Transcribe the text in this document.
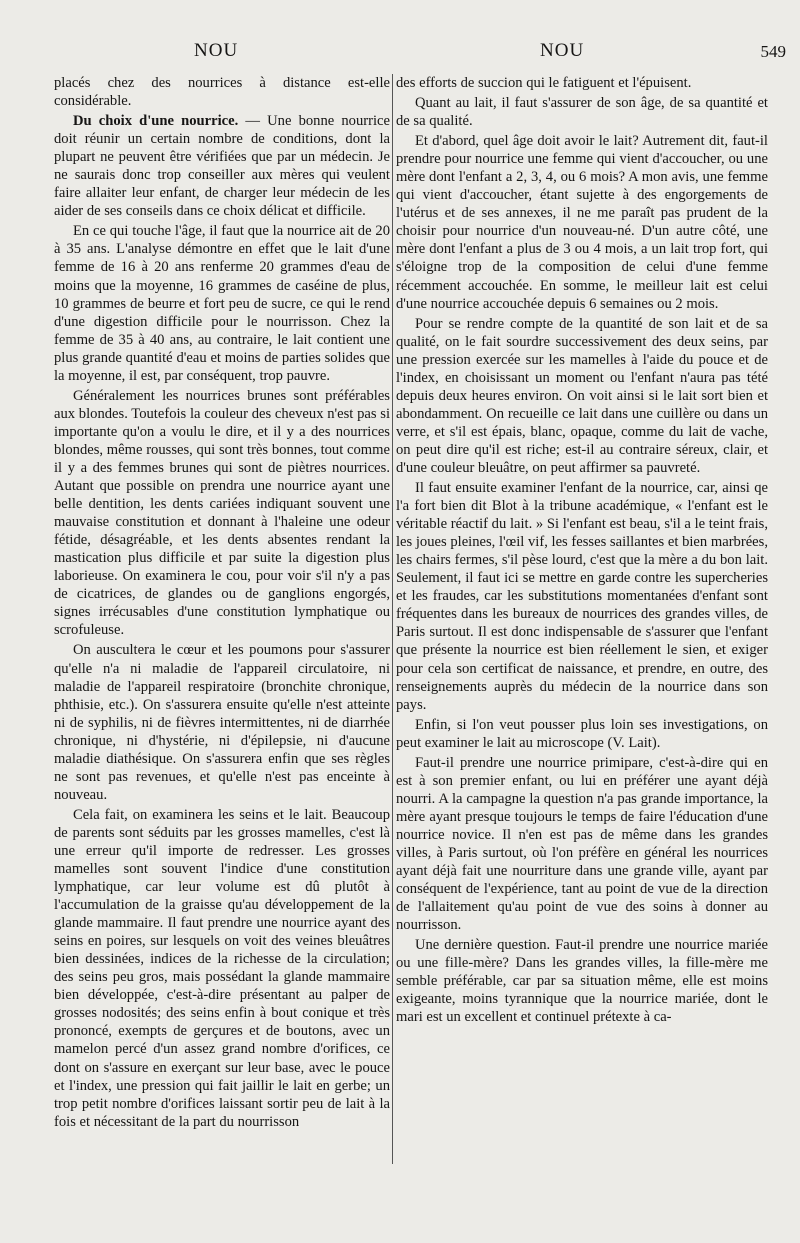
NOU	NOU	549

placés chez des nourrices à distance est-elle considérable.

Du choix d'une nourrice. — Une bonne nourrice doit réunir un certain nombre de conditions, dont la plupart ne peuvent être vérifiées que par un médecin. Je ne saurais donc trop conseiller aux mères qui veulent faire allaiter leur enfant, de charger leur médecin de les aider de ses conseils dans ce choix délicat et difficile.

En ce qui touche l'âge, il faut que la nourrice ait de 20 à 35 ans. L'analyse démontre en effet que le lait d'une femme de 16 à 20 ans renferme 20 grammes d'eau de moins que la moyenne, 16 grammes de caséine de plus, 10 grammes de beurre et fort peu de sucre, ce qui le rend d'une digestion difficile pour le nourrisson. Chez la femme de 35 à 40 ans, au contraire, le lait contient une plus grande quantité d'eau et moins de parties solides que la moyenne, il est, par conséquent, trop pauvre.

Généralement les nourrices brunes sont préférables aux blondes. Toutefois la couleur des cheveux n'est pas si importante qu'on a voulu le dire, et il y a des nourrices blondes, même rousses, qui sont très bonnes, tout comme il y a des femmes brunes qui sont de piètres nourrices. Autant que possible on prendra une nourrice ayant une belle dentition, les dents cariées indiquant souvent une mauvaise constitution et donnant à l'haleine une odeur fétide, désagréable, et les dents absentes rendant la mastication plus difficile et par suite la digestion plus laborieuse. On examinera le cou, pour voir s'il n'y a pas de cicatrices, de glandes ou de ganglions engorgés, signes irrécusables d'une constitution lymphatique ou scrofuleuse.

On auscultera le cœur et les poumons pour s'assurer qu'elle n'a ni maladie de l'appareil circulatoire, ni maladie de l'appareil respiratoire (bronchite chronique, phthisie, etc.). On s'assurera ensuite qu'elle n'est atteinte ni de syphilis, ni de fièvres intermittentes, ni de diarrhée chronique, ni d'hystérie, ni d'épilepsie, ni d'aucune maladie diathésique. On s'assurera enfin que ses règles ne sont pas revenues, et qu'elle n'est pas enceinte à nouveau.

Cela fait, on examinera les seins et le lait. Beaucoup de parents sont séduits par les grosses mamelles, c'est là une erreur qu'il importe de redresser. Les grosses mamelles sont souvent l'indice d'une constitution lymphatique, car leur volume est dû plutôt à l'accumulation de la graisse qu'au développement de la glande mammaire. Il faut prendre une nourrice ayant des seins en poires, sur lesquels on voit des veines bleuâtres bien dessinées, indices de la richesse de la circulation; des seins peu gros, mais possédant la glande mammaire bien développée, c'est-à-dire présentant au palper de grosses nodosités; des seins enfin à bout conique et très prononcé, exempts de gerçures et de boutons, avec un mamelon percé d'un assez grand nombre d'orifices, ce dont on s'assure en exerçant sur leur base, avec le pouce et l'index, une pression qui fait jaillir le lait en gerbe; un trop petit nombre d'orifices laissant sortir peu de lait à la fois et nécessitant de la part du nourrisson

des efforts de succion qui le fatiguent et l'épuisent.

Quant au lait, il faut s'assurer de son âge, de sa quantité et de sa qualité.

Et d'abord, quel âge doit avoir le lait? Autrement dit, faut-il prendre pour nourrice une femme qui vient d'accoucher, ou une mère dont l'enfant a 2, 3, 4, ou 6 mois? A mon avis, une femme qui vient d'accoucher, étant sujette à des engorgements de l'utérus et de ses annexes, il ne me paraît pas prudent de la choisir pour nourrice d'un nouveau-né. D'un autre côté, une mère dont l'enfant a plus de 3 ou 4 mois, a un lait trop fort, qui s'éloigne trop de la composition de celui d'une femme récemment accouchée. En somme, le meilleur lait est celui d'une nourrice accouchée depuis 6 semaines ou 2 mois.

Pour se rendre compte de la quantité de son lait et de sa qualité, on le fait sourdre successivement des deux seins, par une pression exercée sur les mamelles à l'aide du pouce et de l'index, en choisissant un moment ou l'enfant n'aura pas tété depuis deux heures environ. On voit ainsi si le lait sort bien et abondamment. On recueille ce lait dans une cuillère ou dans un verre, et s'il est épais, blanc, opaque, comme du lait de vache, on peut dire qu'il est riche; est-il au contraire séreux, clair, et d'une couleur bleuâtre, on peut affirmer sa pauvreté.

Il faut ensuite examiner l'enfant de la nourrice, car, ainsi qe l'a fort bien dit Blot à la tribune académique, « l'enfant est le véritable réactif du lait. » Si l'enfant est beau, s'il a le teint frais, les joues pleines, l'œil vif, les fesses saillantes et bien marbrées, les chairs fermes, s'il pèse lourd, c'est que la mère a du bon lait. Seulement, il faut ici se mettre en garde contre les supercheries et les fraudes, car les substitutions momentanées d'enfant sont fréquentes dans les bureaux de nourrices des grandes villes, de Paris surtout. Il est donc indispensable de s'assurer que l'enfant que présente la nourrice est bien réellement le sien, et exiger pour cela son certificat de naissance, et prendre, en outre, des renseignements auprès du médecin de la nourrice dans son pays.

Enfin, si l'on veut pousser plus loin ses investigations, on peut examiner le lait au microscope (V. Lait).

Faut-il prendre une nourrice primipare, c'est-à-dire qui en est à son premier enfant, ou lui en préférer une ayant déjà nourri. A la campagne la question n'a pas grande importance, la mère ayant presque toujours le temps de faire l'éducation d'une nourrice novice. Il n'en est pas de même dans les grandes villes, à Paris surtout, où l'on préfère en général les nourrices ayant déjà fait une nourriture dans une grande ville, ayant par conséquent de l'expérience, tant au point de vue de la direction de l'allaitement qu'au point de vue des soins à donner au nourrisson.

Une dernière question. Faut-il prendre une nourrice mariée ou une fille-mère? Dans les grandes villes, la fille-mère me semble préférable, car par sa situation même, elle est moins exigeante, moins tyrannique que la nourrice mariée, dont le mari est un excellent et continuel prétexte à ca-
